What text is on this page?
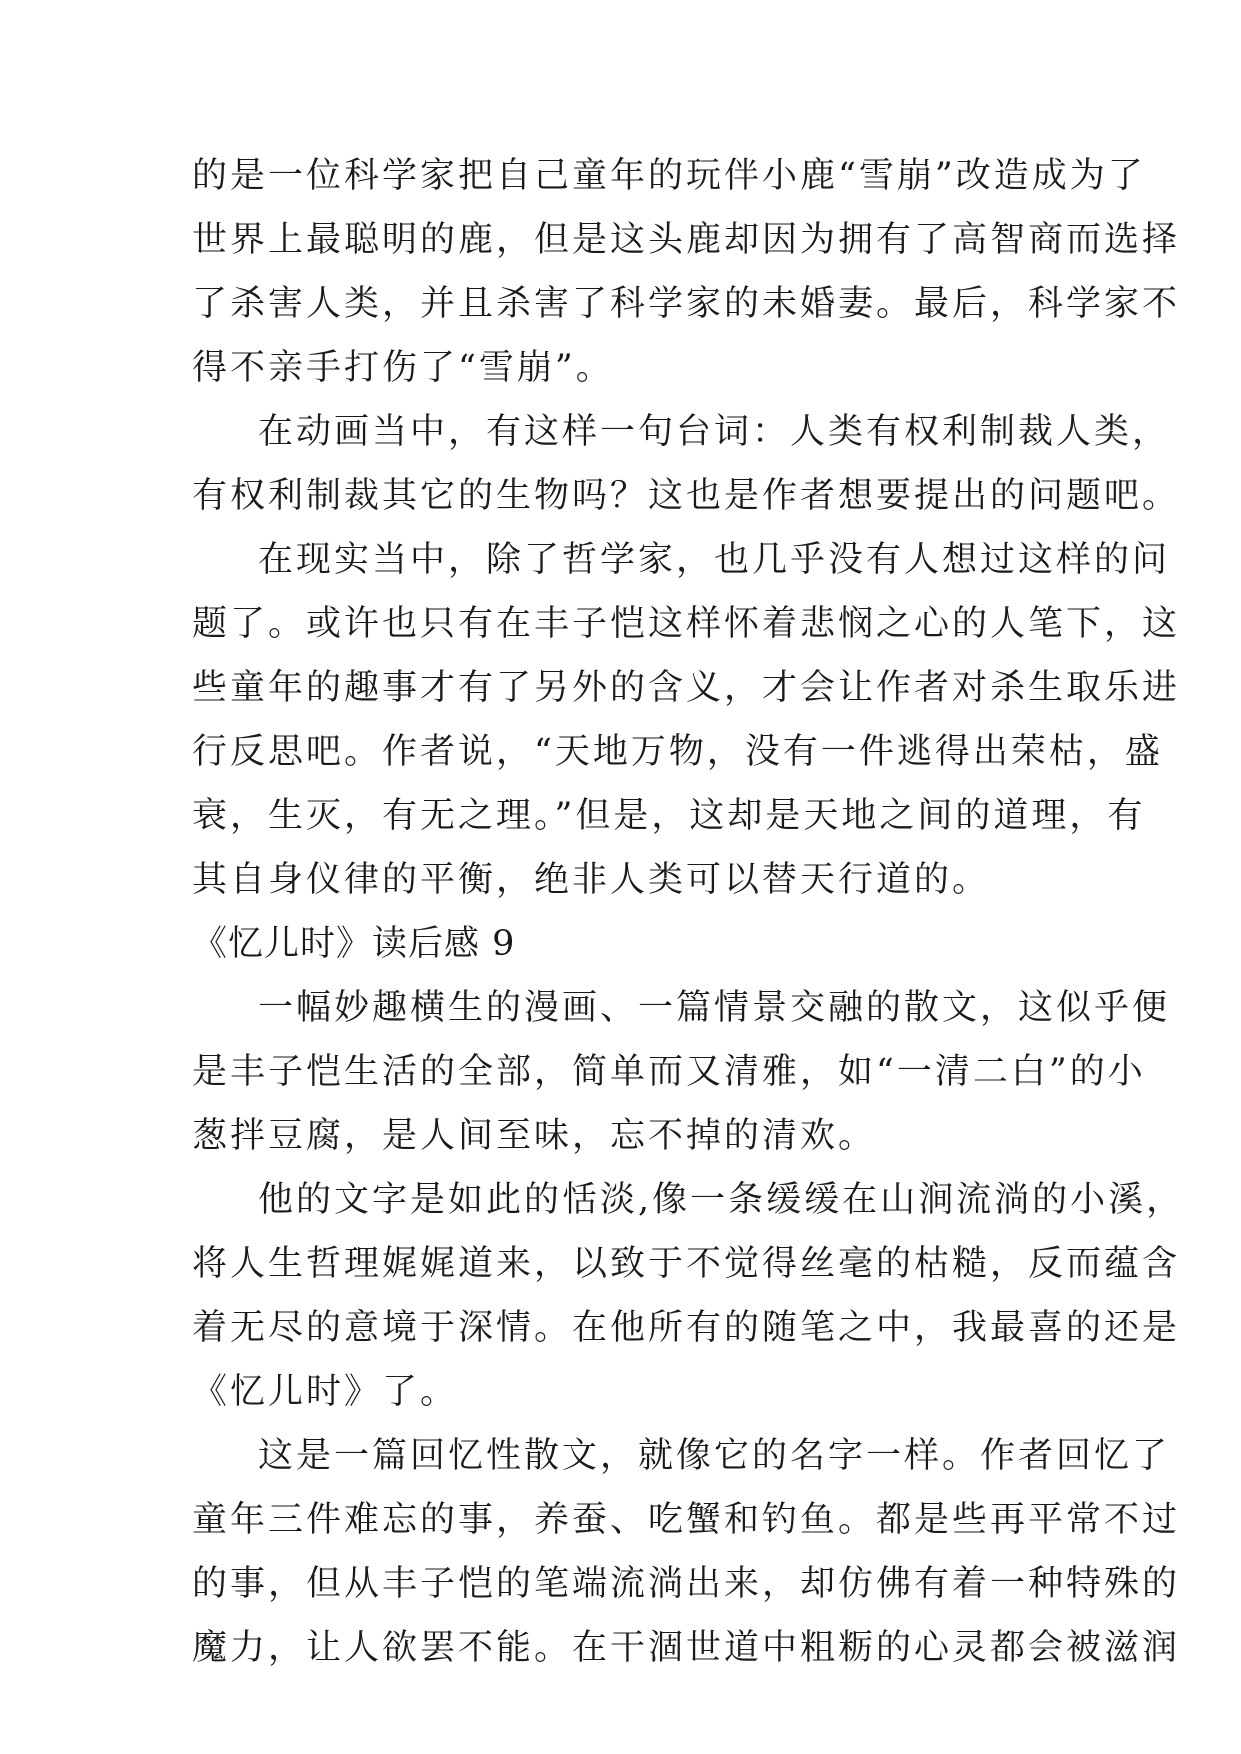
的是一位科学家把自己童年的玩伴小鹿“雪崩”改造成为了
世界上最聪明的鹿，但是这头鹿却因为拥有了高智商而选择
了杀害人类，并且杀害了科学家的未婚妻。最后，科学家不
得不亲手打伤了“雪崩”。
在动画当中，有这样一句台词：人类有权利制裁人类，
有权利制裁其它的生物吗？这也是作者想要提出的问题吧。
在现实当中，除了哲学家，也几乎没有人想过这样的问
题了。或许也只有在丰子恺这样怀着悲悯之心的人笔下，这
些童年的趣事才有了另外的含义，才会让作者对杀生取乐进
行反思吧。作者说，“天地万物，没有一件逃得出荣枯，盛
衰，生灭，有无之理。”但是，这却是天地之间的道理，有
其自身仪律的平衡，绝非人类可以替天行道的。
《忆儿时》读后感 9
一幅妙趣横生的漫画、一篇情景交融的散文，这似乎便
是丰子恺生活的全部，简单而又清雅，如“一清二白”的小
葱拌豆腐，是人间至味，忘不掉的清欢。
他的文字是如此的恬淡,像一条缓缓在山涧流淌的小溪，
将人生哲理娓娓道来，以致于不觉得丝毫的枯糙，反而蕴含
着无尽的意境于深情。在他所有的随笔之中，我最喜的还是
《忆儿时》了。
这是一篇回忆性散文，就像它的名字一样。作者回忆了
童年三件难忘的事，养蚕、吃蟹和钓鱼。都是些再平常不过
的事，但从丰子恺的笔端流淌出来，却仿佛有着一种特殊的
魔力，让人欲罢不能。在干涸世道中粗粝的心灵都会被滋润
